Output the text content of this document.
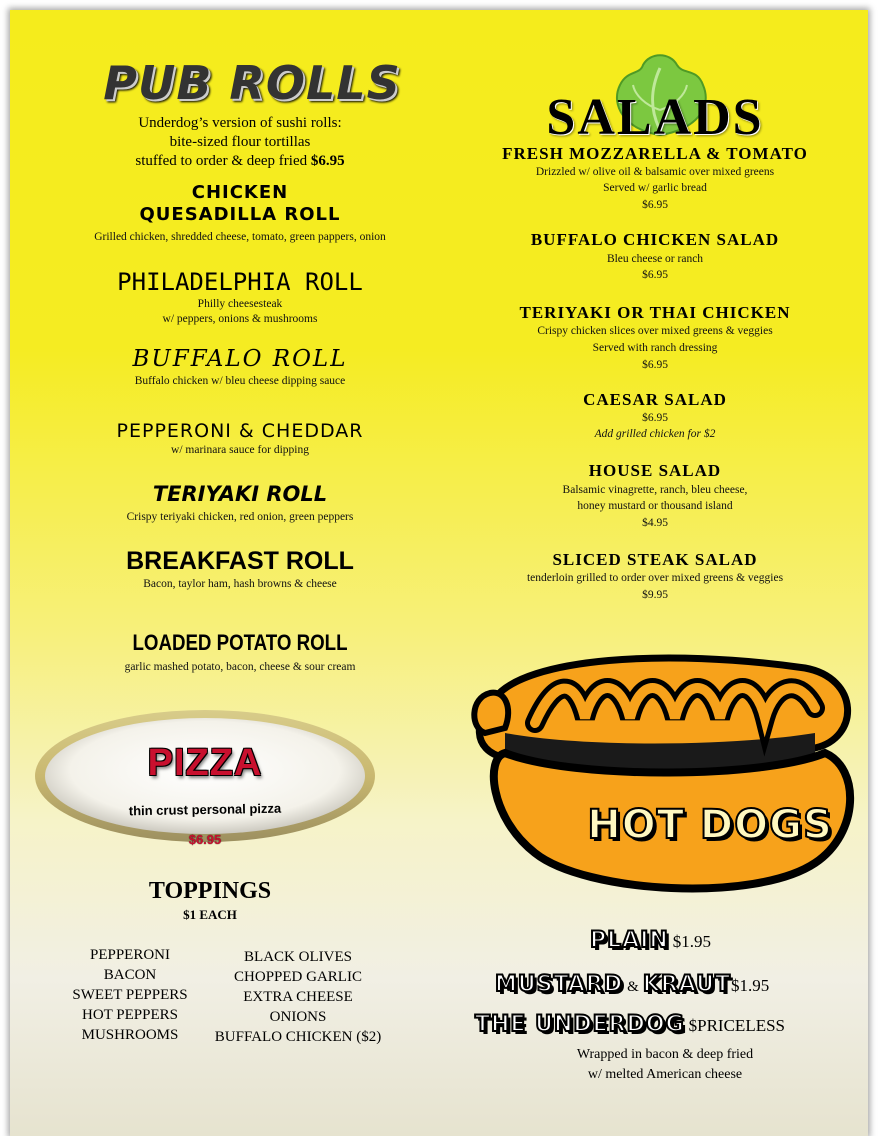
PUB ROLLS
Underdog’s version of sushi rolls:
bite-sized flour tortillas
stuffed to order & deep fried $6.95
CHICKEN
QUESADILLA ROLL
Grilled chicken, shredded cheese, tomato, green pappers, onion
PHILADELPHIA ROLL
Philly cheesesteak
w/ peppers, onions & mushrooms
BUFFALO ROLL
Buffalo chicken w/ bleu cheese dipping sauce
PEPPERONI & CHEDDAR
w/ marinara sauce for dipping
TERIYAKI ROLL
Crispy teriyaki chicken, red onion, green peppers
BREAKFAST ROLL
Bacon, taylor ham, hash browns & cheese
LOADED POTATO ROLL
garlic mashed potato, bacon, cheese & sour cream
PIZZA
thin crust personal pizza
$6.95
TOPPINGS
$1 EACH
PEPPERONI
BACON
SWEET PEPPERS
HOT PEPPERS
MUSHROOMS
BLACK OLIVES
CHOPPED GARLIC
EXTRA CHEESE
ONIONS
BUFFALO CHICKEN ($2)
SALADS
FRESH MOZZARELLA & TOMATO
Drizzled w/ olive oil & balsamic over mixed greens
Served w/ garlic bread
$6.95
BUFFALO CHICKEN SALAD
Bleu cheese or ranch
$6.95
TERIYAKI OR THAI CHICKEN
Crispy chicken slices over mixed greens & veggies
Served with ranch dressing
$6.95
CAESAR SALAD
$6.95
Add grilled chicken for $2
HOUSE SALAD
Balsamic vinagrette, ranch, bleu cheese,
honey mustard or thousand island
$4.95
SLICED STEAK SALAD
tenderloin grilled to order over mixed greens & veggies
$9.95
HOT DOGS
PLAIN $1.95
MUSTARD & KRAUT$1.95
THE UNDERDOG $PRICELESS
Wrapped in bacon & deep fried
w/ melted American cheese
